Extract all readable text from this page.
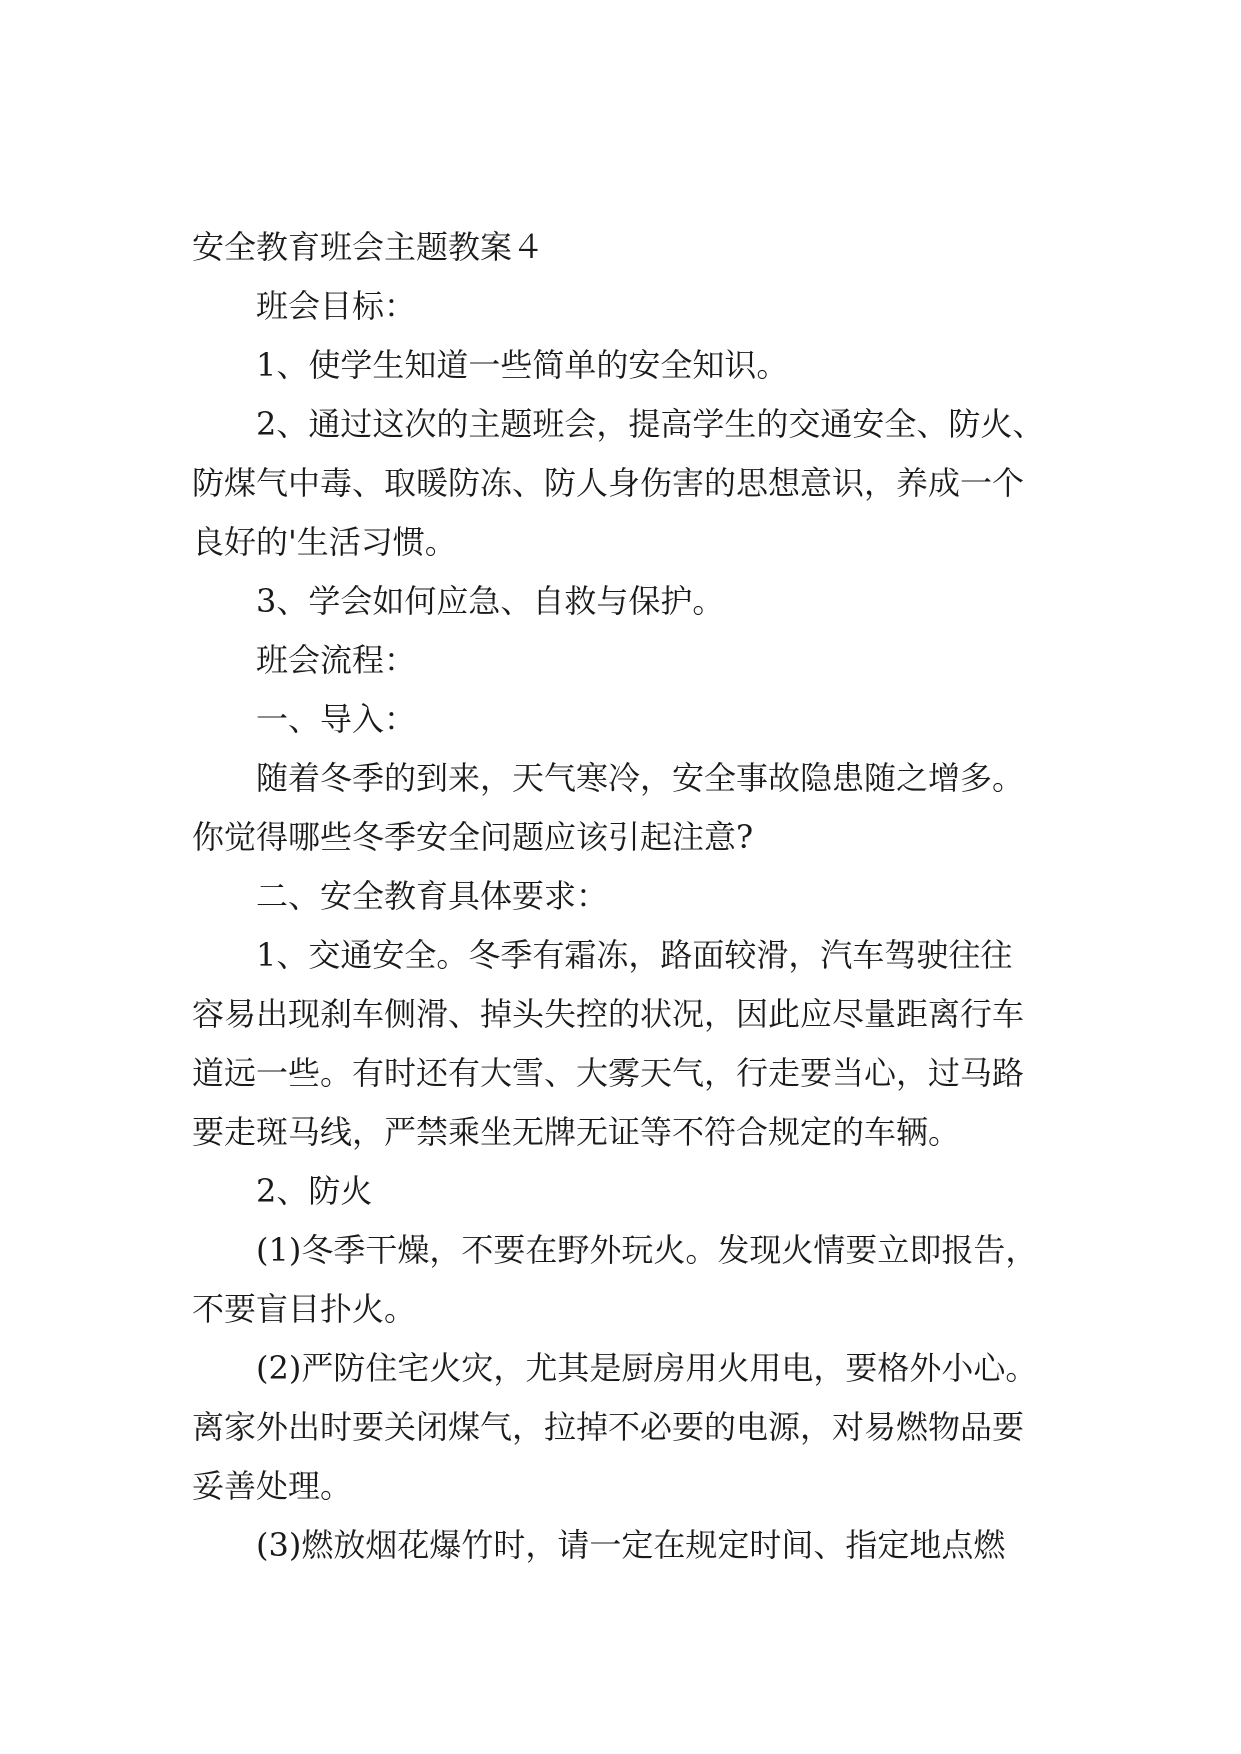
安全教育班会主题教案４

班会目标：

1、使学生知道一些简单的安全知识。

2、通过这次的主题班会，提高学生的交通安全、防火、

防煤气中毒、取暖防冻、防人身伤害的思想意识，养成一个

良好的'生活习惯。

3、学会如何应急、自救与保护。

班会流程：

一、导入：

随着冬季的到来，天气寒冷，安全事故隐患随之增多。

你觉得哪些冬季安全问题应该引起注意?

二、安全教育具体要求：

1、交通安全。冬季有霜冻，路面较滑，汽车驾驶往往

容易出现刹车侧滑、掉头失控的状况，因此应尽量距离行车

道远一些。有时还有大雪、大雾天气，行走要当心，过马路

要走斑马线，严禁乘坐无牌无证等不符合规定的车辆。

2、防火

(1)冬季干燥，不要在野外玩火。发现火情要立即报告，

不要盲目扑火。

(2)严防住宅火灾，尤其是厨房用火用电，要格外小心。

离家外出时要关闭煤气，拉掉不必要的电源，对易燃物品要

妥善处理。

(3)燃放烟花爆竹时，请一定在规定时间、指定地点燃
